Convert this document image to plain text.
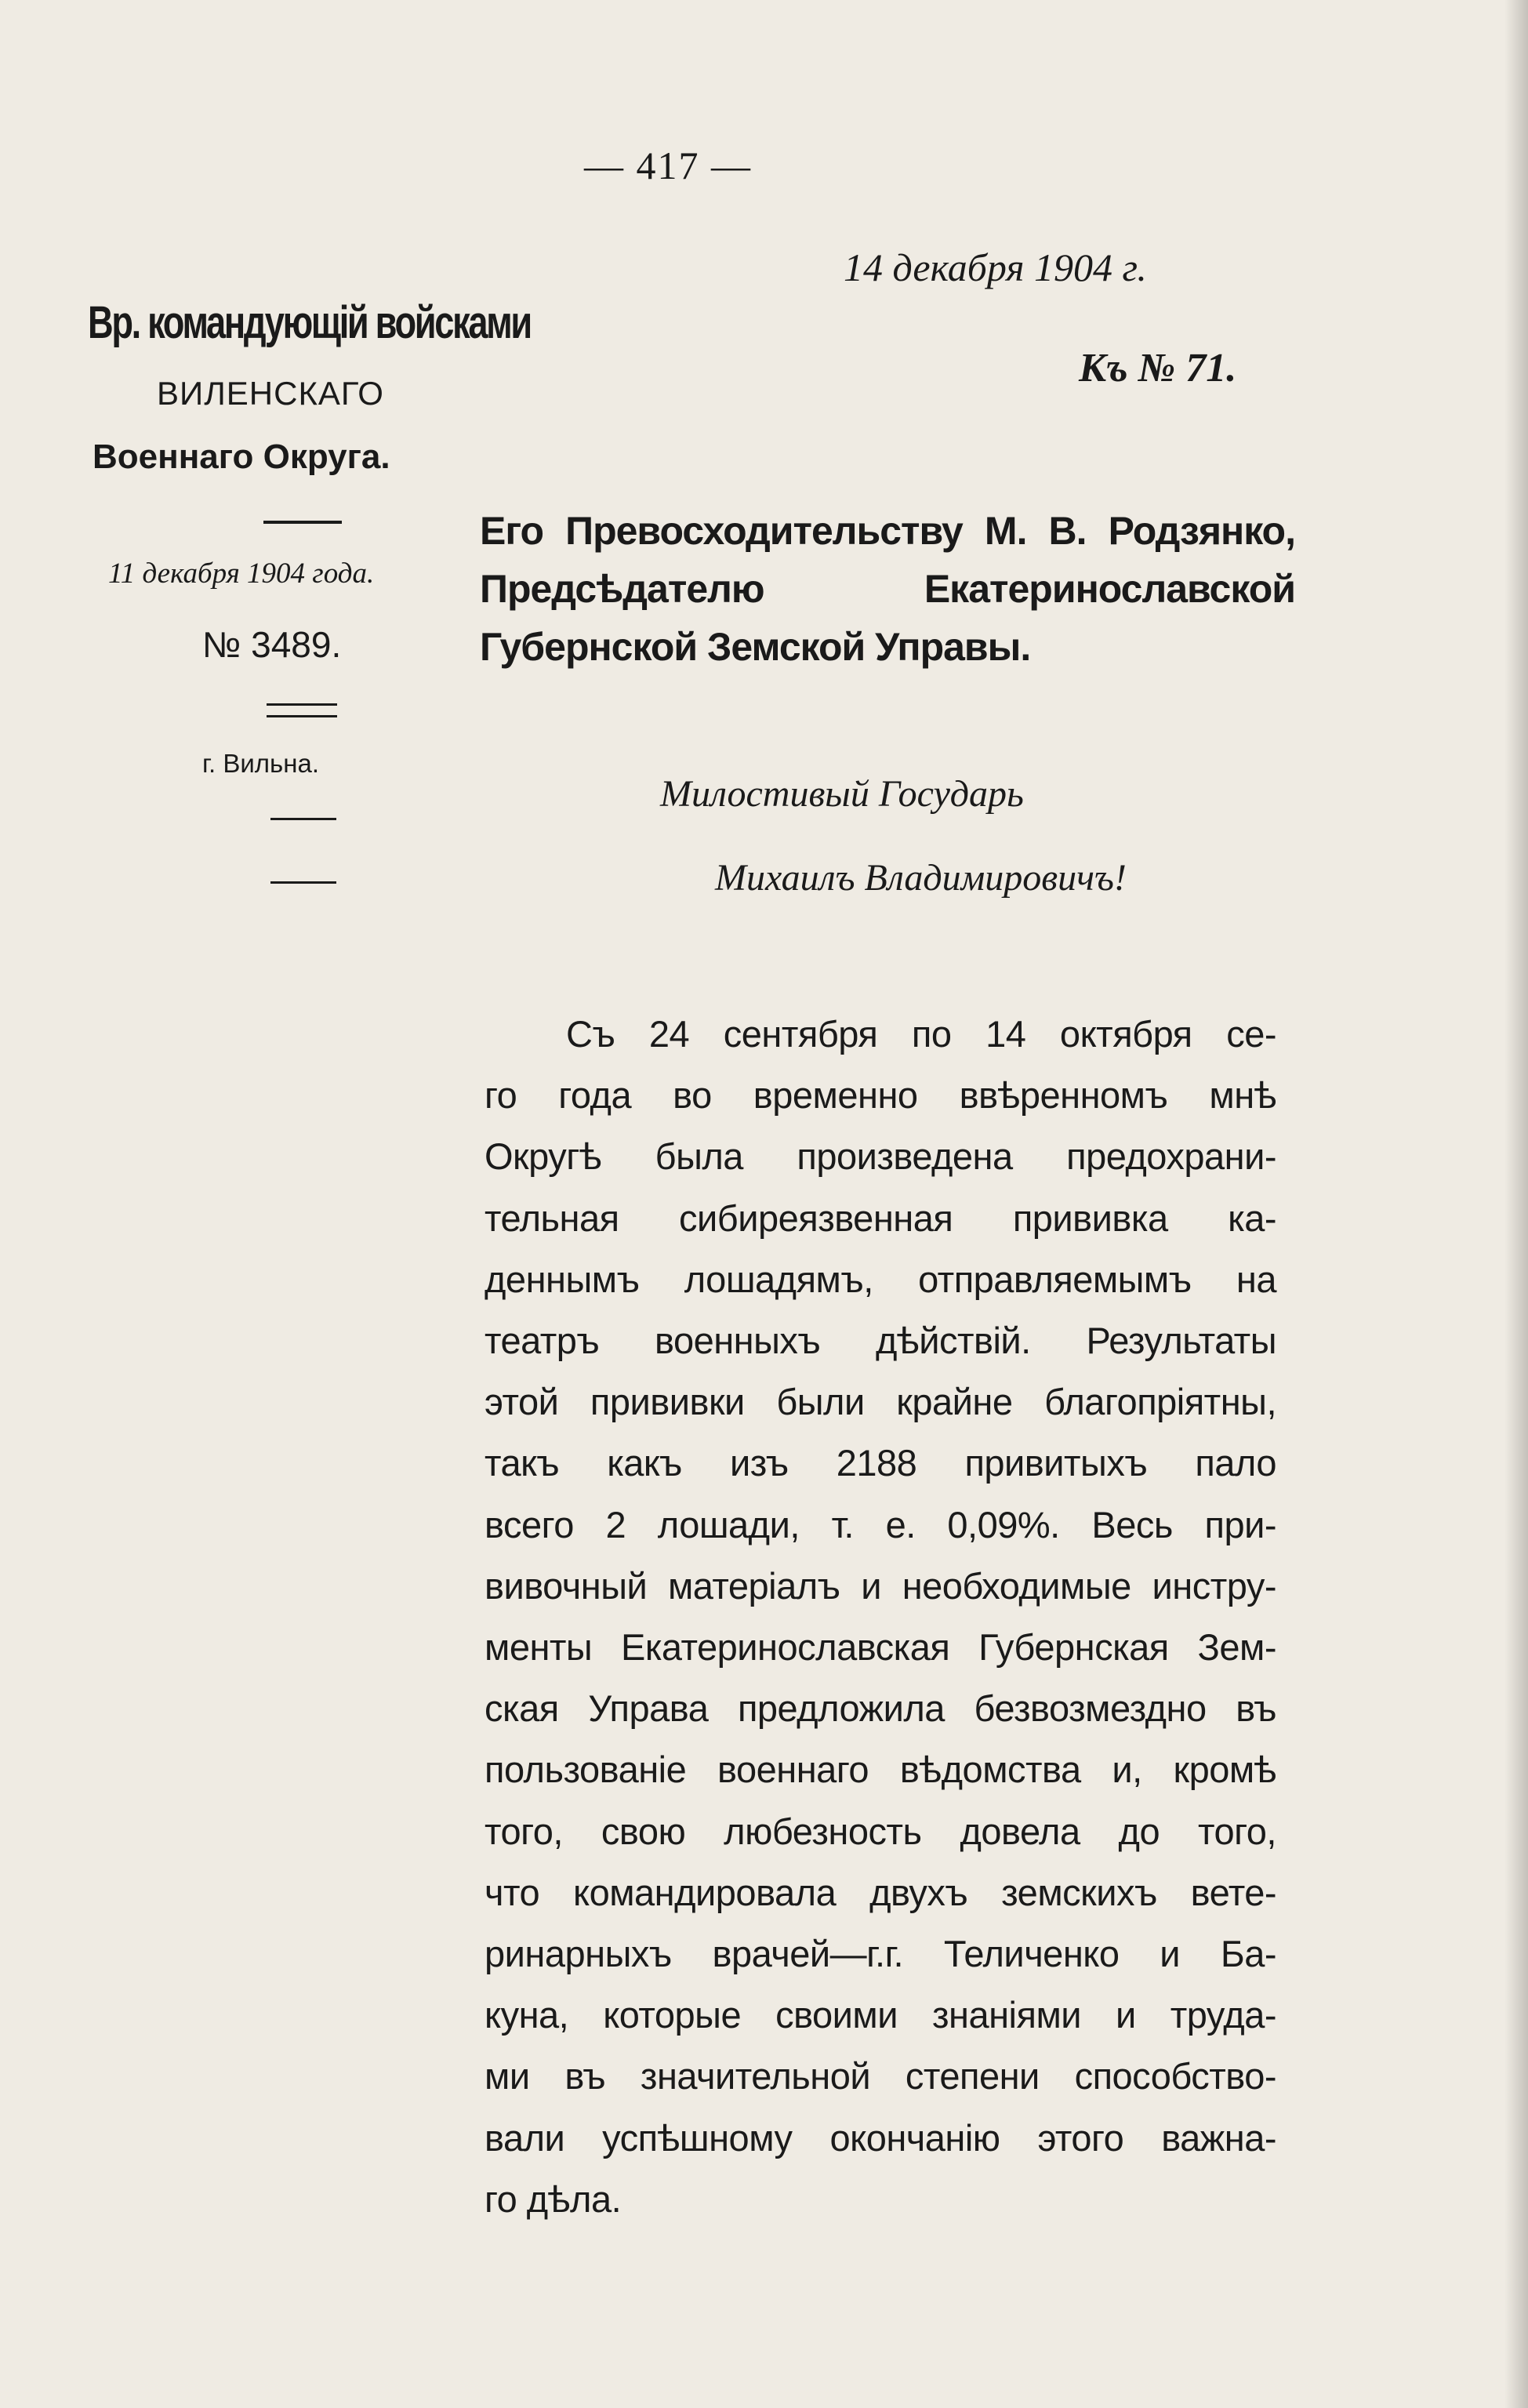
— 417 —
Вр. командующiй войсками
ВИЛЕНСКАГО
Военнаго Округа.
11 декабря 1904 года.
№ 3489.
г. Вильна.
14 декабря 1904 г.
Къ № 71.
Его Превосходительству М. В. Родзянко, Предсѣдателю Екатеринославской Губернской Земской Управы.
Милостивый Государь
Михаилъ Владимировичъ!
Съ 24 сентября по 14 октября се-
го года во временно ввѣренномъ мнѣ
Округѣ была произведена предохрани-
тельная сибиреязвенная прививка ка-
деннымъ лошадямъ, отправляемымъ на
театръ военныхъ дѣйствiй. Результаты
этой прививки были крайне благопрiятны,
такъ какъ изъ 2188 привитыхъ пало
всего 2 лошади, т. е. 0,09%. Весь при-
вивочный матерiалъ и необходимые инстру-
менты Екатеринославская Губернская Зем-
ская Управа предложила безвозмездно въ
пользованiе военнаго вѣдомства и, кромѣ
того, свою любезность довела до того,
что командировала двухъ земскихъ вете-
ринарныхъ врачей—г.г. Теличенко и Ба-
куна, которые своими знанiями и труда-
ми въ значительной степени способство-
вали успѣшному окончанiю этого важна-
го дѣла.
